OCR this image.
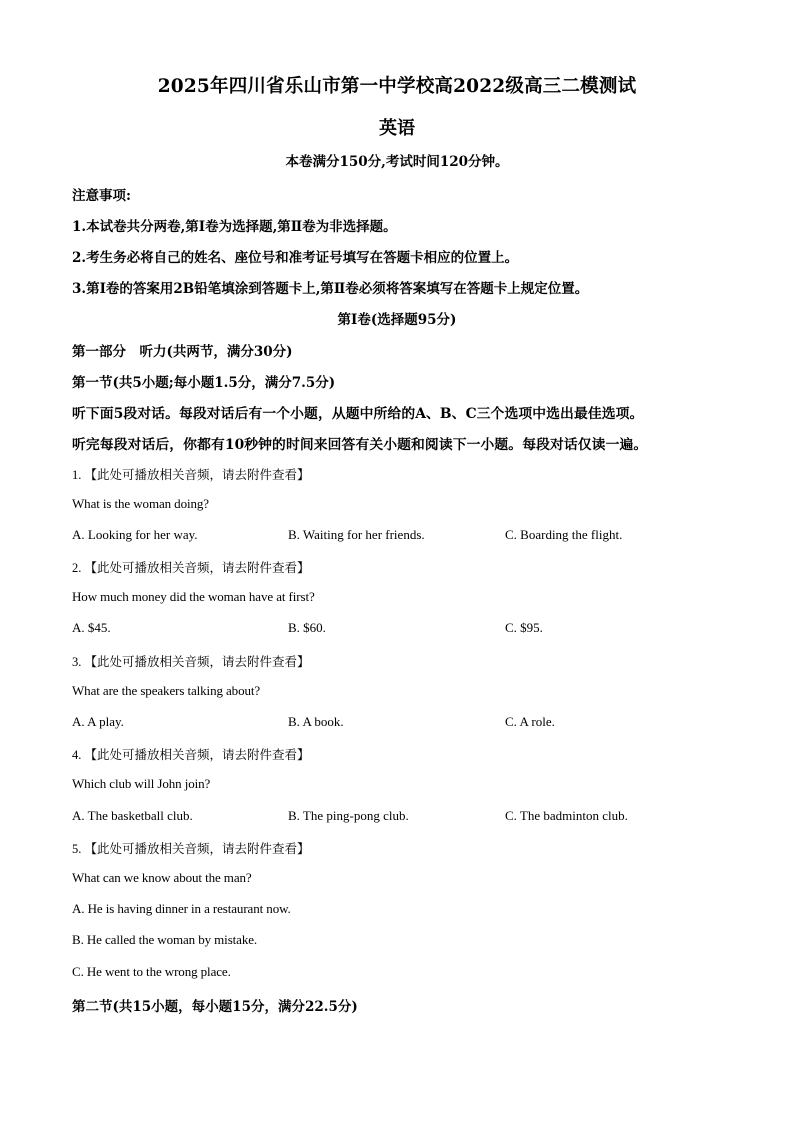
2025年四川省乐山市第一中学校高2022级高三二模测试
英语
本卷满分150分,考试时间120分钟。
注意事项:
1.本试卷共分两卷,第Ⅰ卷为选择题,第Ⅱ卷为非选择题。
2.考生务必将自己的姓名、座位号和准考证号填写在答题卡相应的位置上。
3.第Ⅰ卷的答案用2B铅笔填涂到答题卡上,第Ⅱ卷必须将答案填写在答题卡上规定位置。
第Ⅰ卷(选择题95分)
第一部分　听力(共两节，满分30分)
第一节(共5小题;每小题1.5分，满分7.5分)
听下面5段对话。每段对话后有一个小题，从题中所给的A、B、C三个选项中选出最佳选项。
听完每段对话后，你都有10秒钟的时间来回答有关小题和阅读下一小题。每段对话仅读一遍。
1. 【此处可播放相关音频，请去附件查看】
What is the woman doing?
A. Looking for her way.	B. Waiting for her friends.	C. Boarding the flight.
2. 【此处可播放相关音频，请去附件查看】
How much money did the woman have at first?
A. $45.	B. $60.	C. $95.
3. 【此处可播放相关音频，请去附件查看】
What are the speakers talking about?
A. A play.	B. A book.	C. A role.
4. 【此处可播放相关音频，请去附件查看】
Which club will John join?
A. The basketball club.	B. The ping-pong club.	C. The badminton club.
5. 【此处可播放相关音频，请去附件查看】
What can we know about the man?
A. He is having dinner in a restaurant now.
B. He called the woman by mistake.
C. He went to the wrong place.
第二节(共15小题，每小题15分，满分22.5分)
